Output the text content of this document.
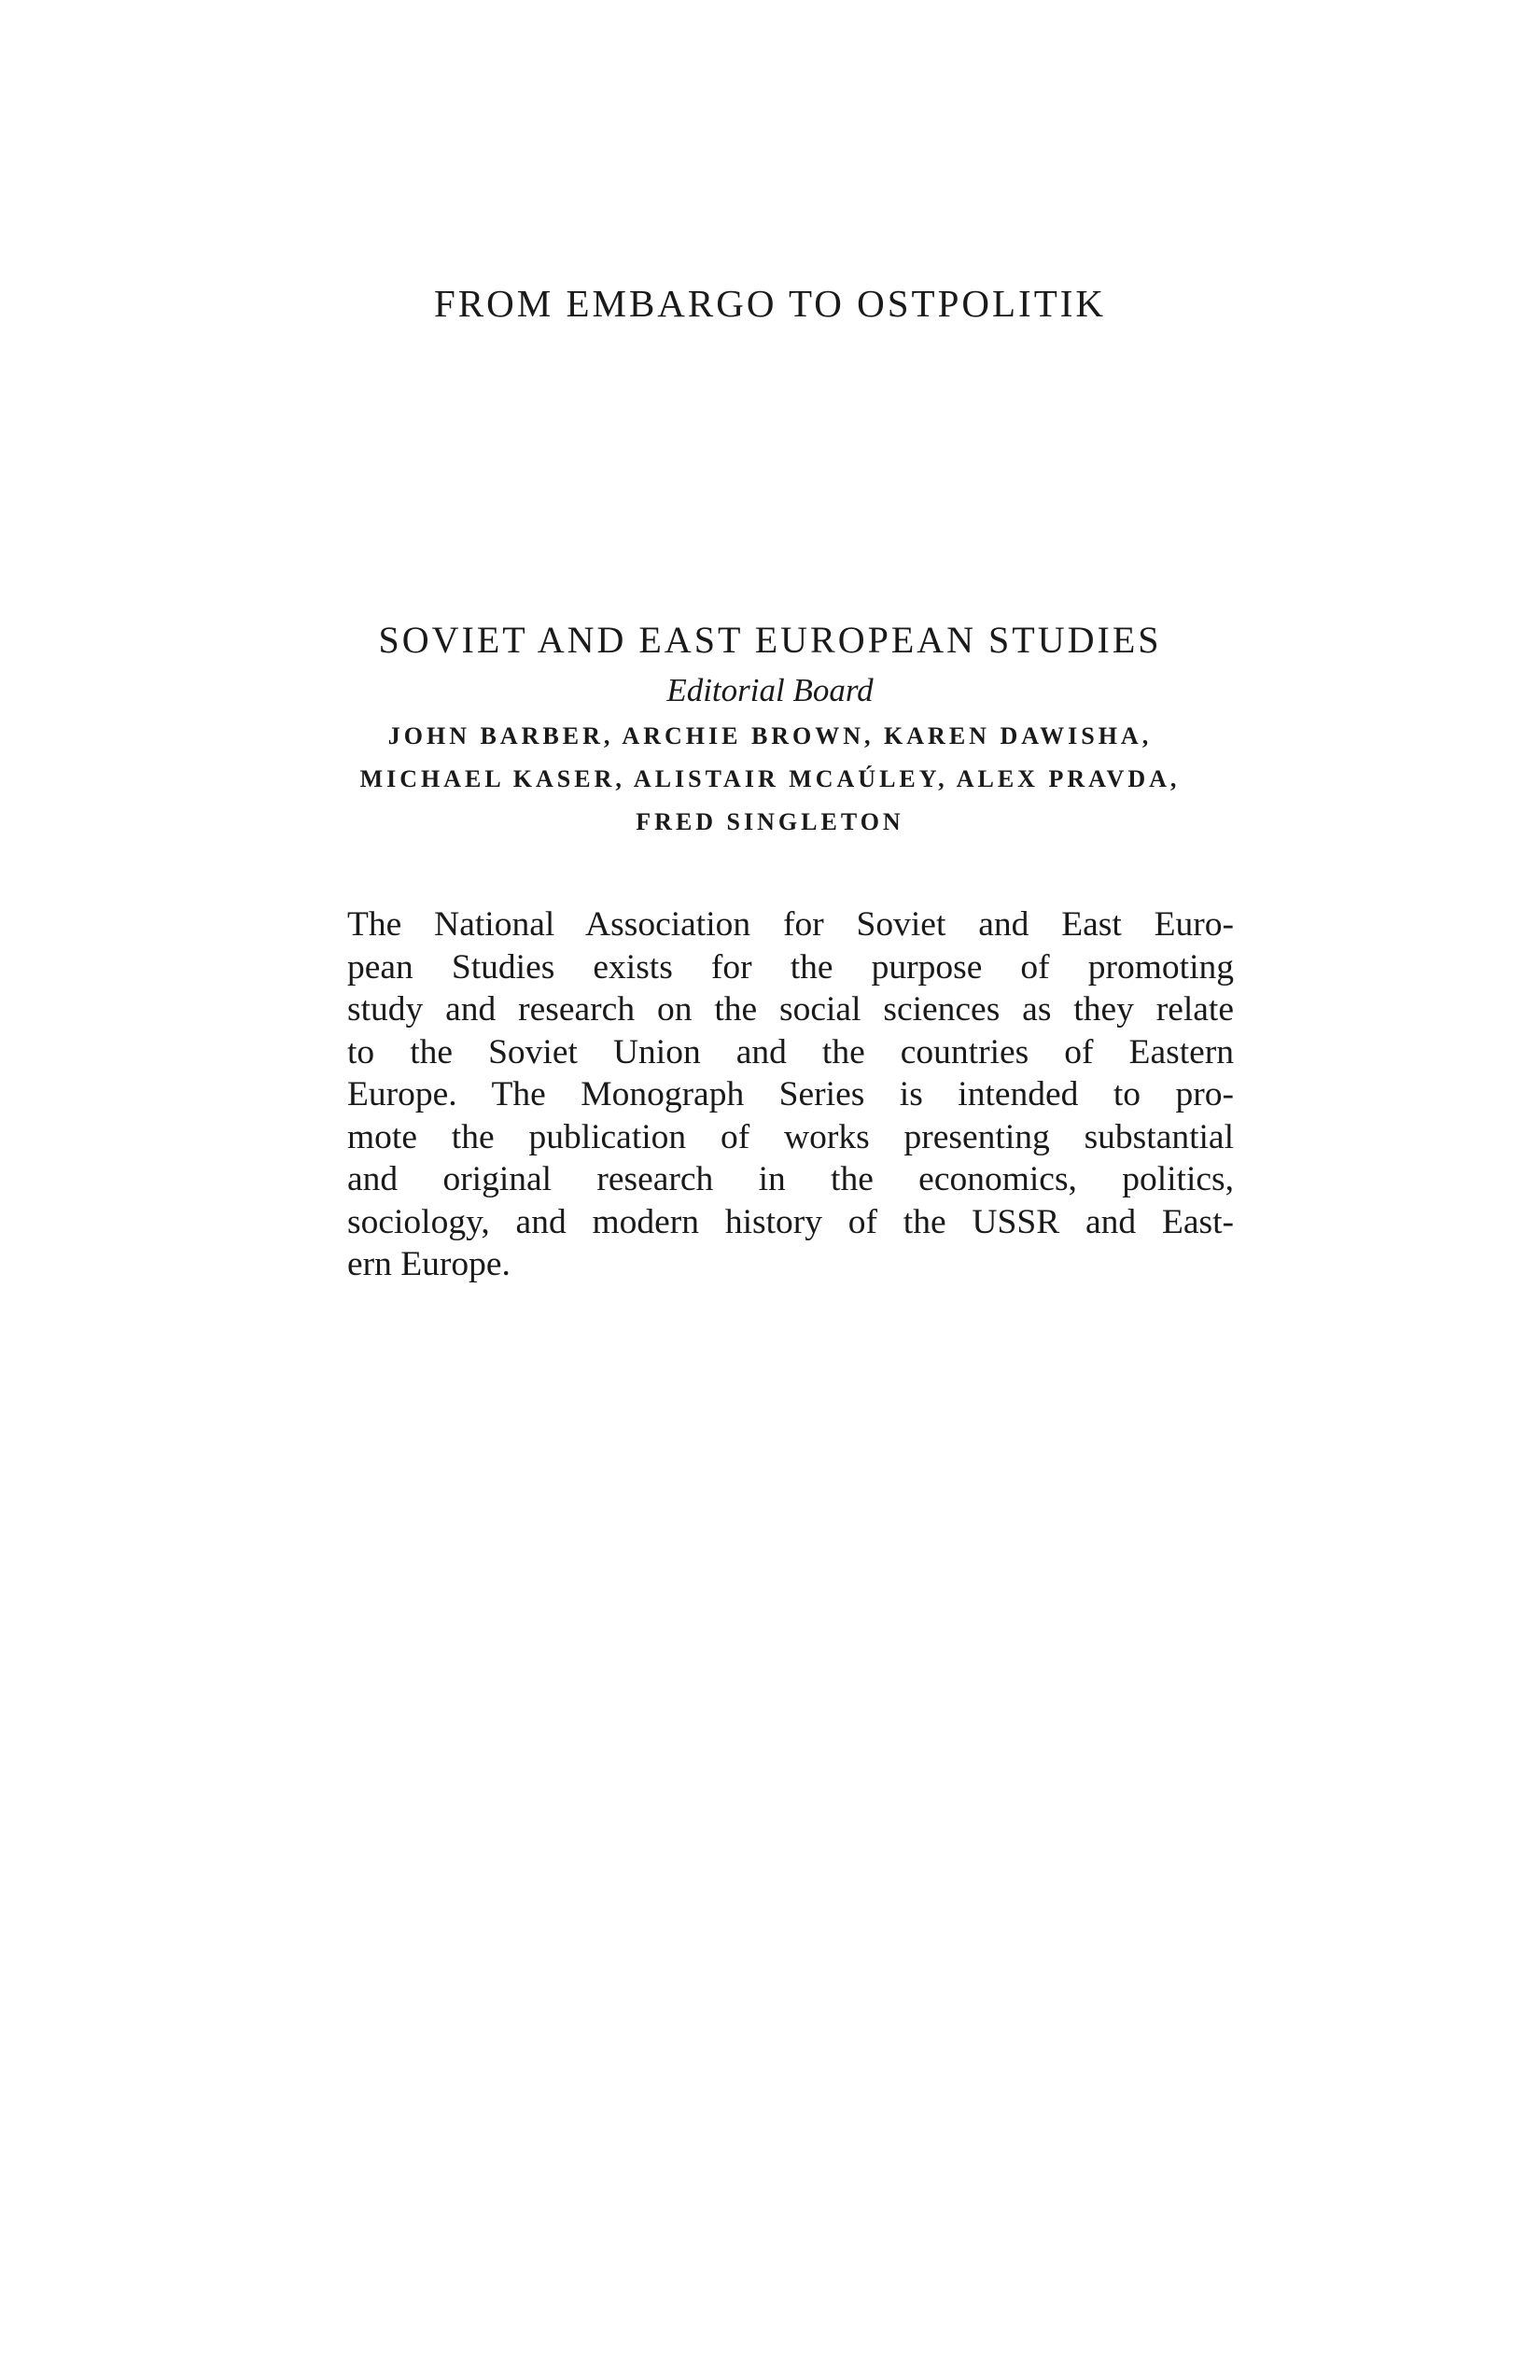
FROM EMBARGO TO OSTPOLITIK
SOVIET AND EAST EUROPEAN STUDIES
Editorial Board
JOHN BARBER, ARCHIE BROWN, KAREN DAWISHA,
MICHAEL KASER, ALISTAIR MCAÚLEY, ALEX PRAVDA,
FRED SINGLETON
The National Association for Soviet and East Euro-
pean Studies exists for the purpose of promoting
study and research on the social sciences as they relate
to the Soviet Union and the countries of Eastern
Europe. The Monograph Series is intended to pro-
mote the publication of works presenting substantial
and original research in the economics, politics,
sociology, and modern history of the USSR and East-
ern Europe.
